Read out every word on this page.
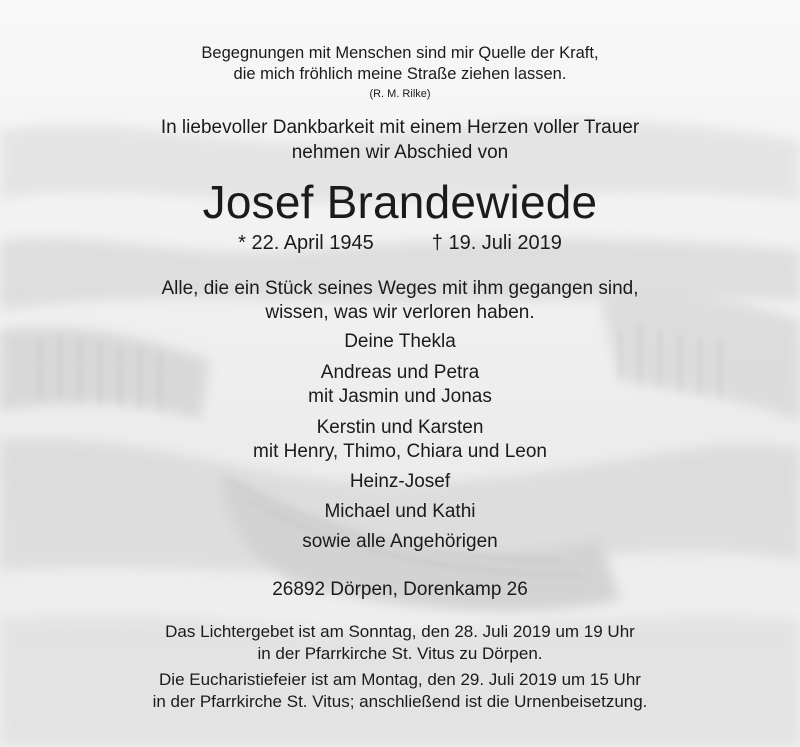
Begegnungen mit Menschen sind mir Quelle der Kraft,
die mich fröhlich meine Straße ziehen lassen.
(R. M. Rilke)
In liebevoller Dankbarkeit mit einem Herzen voller Trauer
nehmen wir Abschied von
Josef Brandewiede
* 22. April 1945	† 19. Juli 2019
Alle, die ein Stück seines Weges mit ihm gegangen sind,
wissen, was wir verloren haben.
Deine Thekla
Andreas und Petra
mit Jasmin und Jonas
Kerstin und Karsten
mit Henry, Thimo, Chiara und Leon
Heinz-Josef
Michael und Kathi
sowie alle Angehörigen
26892 Dörpen, Dorenkamp 26
Das Lichtergebet ist am Sonntag, den 28. Juli 2019 um 19 Uhr
in der Pfarrkirche St. Vitus zu Dörpen.
Die Eucharistiefeier ist am Montag, den 29. Juli 2019 um 15 Uhr
in der Pfarrkirche St. Vitus; anschließend ist die Urnenbeisetzung.
